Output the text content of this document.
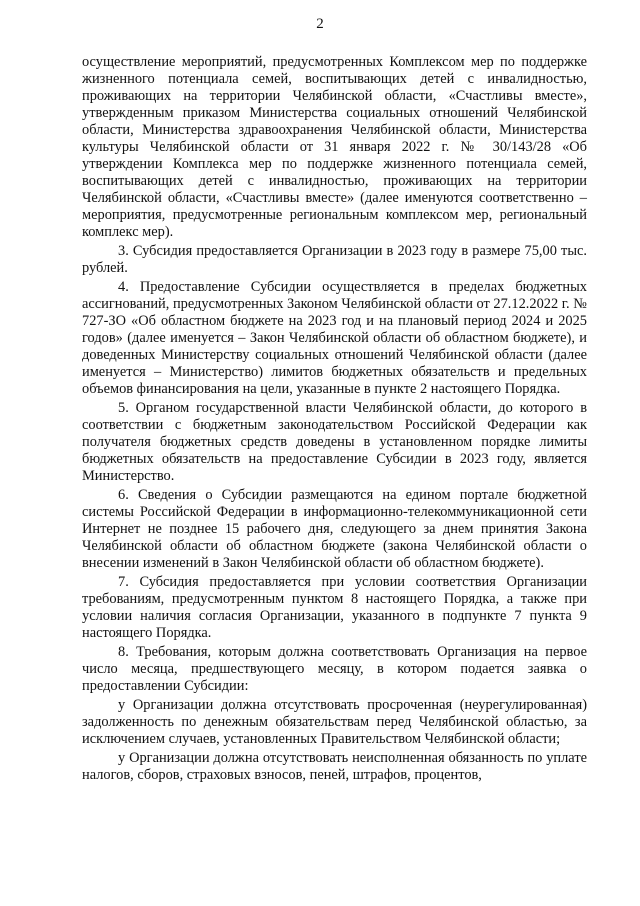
2

осуществление мероприятий, предусмотренных Комплексом мер по поддержке жизненного потенциала семей, воспитывающих детей с инвалидностью, проживающих на территории Челябинской области, «Счастливы вместе», утвержденным приказом Министерства социальных отношений Челябинской области, Министерства здравоохранения Челябинской области, Министерства культуры Челябинской области от 31 января 2022 г. № 30/143/28 «Об утверждении Комплекса мер по поддержке жизненного потенциала семей, воспитывающих детей с инвалидностью, проживающих на территории Челябинской области, «Счастливы вместе» (далее именуются соответственно – мероприятия, предусмотренные региональным комплексом мер, региональный комплекс мер).

3. Субсидия предоставляется Организации в 2023 году в размере 75,00 тыс. рублей.

4. Предоставление Субсидии осуществляется в пределах бюджетных ассигнований, предусмотренных Законом Челябинской области от 27.12.2022 г. № 727-ЗО «Об областном бюджете на 2023 год и на плановый период 2024 и 2025 годов» (далее именуется – Закон Челябинской области об областном бюджете), и доведенных Министерству социальных отношений Челябинской области (далее именуется – Министерство) лимитов бюджетных обязательств и предельных объемов финансирования на цели, указанные в пункте 2 настоящего Порядка.

5. Органом государственной власти Челябинской области, до которого в соответствии с бюджетным законодательством Российской Федерации как получателя бюджетных средств доведены в установленном порядке лимиты бюджетных обязательств на предоставление Субсидии в 2023 году, является Министерство.

6. Сведения о Субсидии размещаются на едином портале бюджетной системы Российской Федерации в информационно-телекоммуникационной сети Интернет не позднее 15 рабочего дня, следующего за днем принятия Закона Челябинской области об областном бюджете (закона Челябинской области о внесении изменений в Закон Челябинской области об областном бюджете).

7. Субсидия предоставляется при условии соответствия Организации требованиям, предусмотренным пунктом 8 настоящего Порядка, а также при условии наличия согласия Организации, указанного в подпункте 7 пункта 9 настоящего Порядка.

8. Требования, которым должна соответствовать Организация на первое число месяца, предшествующего месяцу, в котором подается заявка о предоставлении Субсидии:

у Организации должна отсутствовать просроченная (неурегулированная) задолженность по денежным обязательствам перед Челябинской областью, за исключением случаев, установленных Правительством Челябинской области;

у Организации должна отсутствовать неисполненная обязанность по уплате налогов, сборов, страховых взносов, пеней, штрафов, процентов,
